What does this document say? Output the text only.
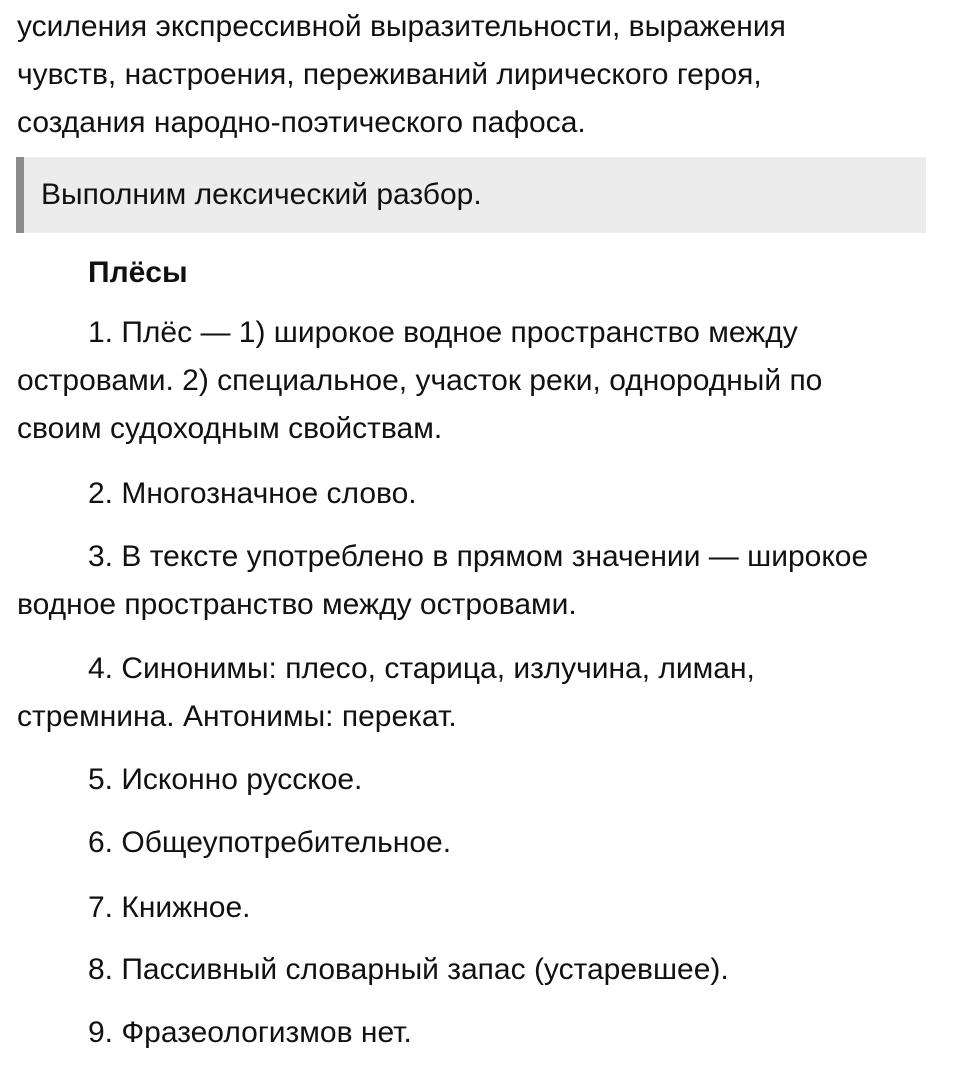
усиления экспрессивной выразительности, выражения
чувств, настроения, переживаний лирического героя,
создания народно-поэтического пафоса.

Выполним лексический разбор.
Плёсы

1. Плёс — 1) широкое водное пространство между
островами. 2) специальное, участок реки, однородный по
своим судоходным свойствам.

2. Многозначное слово.

3. В тексте употреблено в прямом значении — широкое
водное пространство между островами.

4. Синонимы: плесо, старица, излучина, лиман,
стремнина. Антонимы: перекат.

5. Исконно русское.

6. Общеупотребительное.

7. Книжное.

8. Пассивный словарный запас (устаревшее).

9. Фразеологизмов нет.
